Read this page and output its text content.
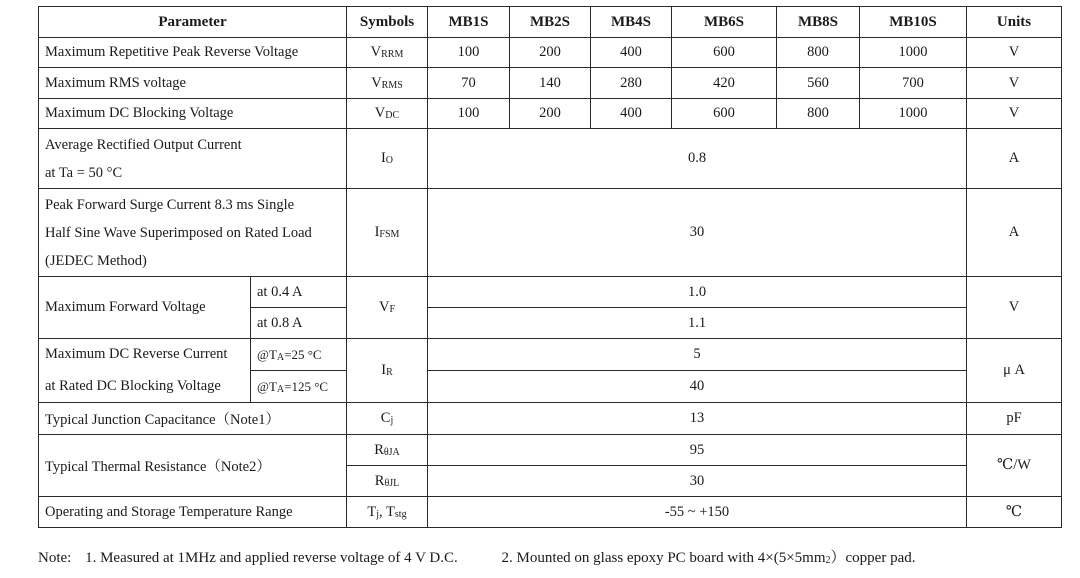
Parameter		Symbols	MB1S	MB2S	MB4S	MB6S	MB8S	MB10S	Units
Maximum Repetitive Peak Reverse Voltage		$V_{RRM}$	100	200	400	600	800	1000	V
Maximum RMS voltage		$V_{RMS}$	70	140	280	420	560	700	V
Maximum DC Blocking Voltage		$V_{DC}$	100	200	400	600	800	1000	V

Average Rectified Output Current
at Ta = 50 °C		$I_O$	0.8						A

Peak Forward Surge Current 8.3 ms Single
Half Sine Wave Superimposed on Rated Load
(JEDEC Method)		$I_{FSM}$	30						A
Maximum Forward Voltage	at 0.4 A	$V_F$	1.0						V
	at 0.8 A		1.1						
Maximum DC Reverse Current	$@T_A=25$ °C	$I_R$	5						μ A
at Rated DC Blocking Voltage	$@T_A=125$ °C		40						
Typical Junction Capacitance（Note1）		$C_j$	13						pF
Typical Thermal Resistance（Note2）		$R_{\theta JA}$	95						℃/W
		$R_{\theta JL}$	30						
Operating and Storage Temperature Range		$T_j$, $T_{stg}$	-55 ~ +150						℃
Note: 1. Measured at 1MHz and applied reverse voltage of 4 V D.C.	2. Mounted on glass epoxy PC board with $4\times(5\times 5mm_2)copper$ pad.
